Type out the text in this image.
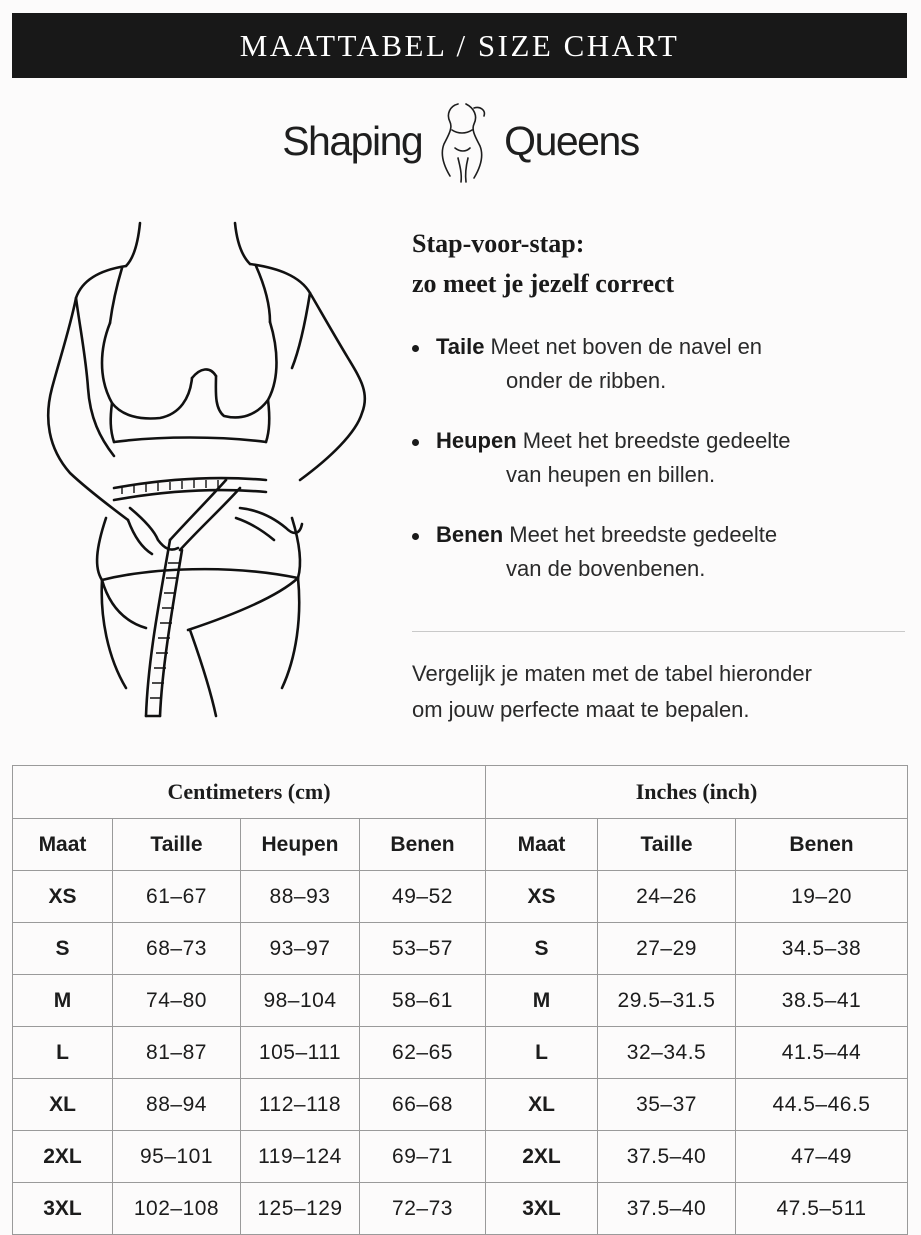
MAATTABEL / SIZE CHART
Shaping Queens
Stap-voor-stap:
zo meet je jezelf correct
Taile Meet net boven de navel en
onder de ribben.
Heupen Meet het breedste gedeelte
van heupen en billen.
Benen Meet het breedste gedeelte
van de bovenbenen.
Vergelijk je maten met de tabel hieronder
om jouw perfecte maat te bepalen.
Centimeters (cm)				Inches (inch)		
Maat	Taille	Heupen	Benen	Maat	Taille	Benen
XS	61–67	88–93	49–52	XS	24–26	19–20
S	68–73	93–97	53–57	S	27–29	34.5–38
M	74–80	98–104	58–61	M	29.5–31.5	38.5–41
L	81–87	105–111	62–65	L	32–34.5	41.5–44
XL	88–94	112–118	66–68	XL	35–37	44.5–46.5
2XL	95–101	119–124	69–71	2XL	37.5–40	47–49
3XL	102–108	125–129	72–73	3XL	37.5–40	47.5–511
